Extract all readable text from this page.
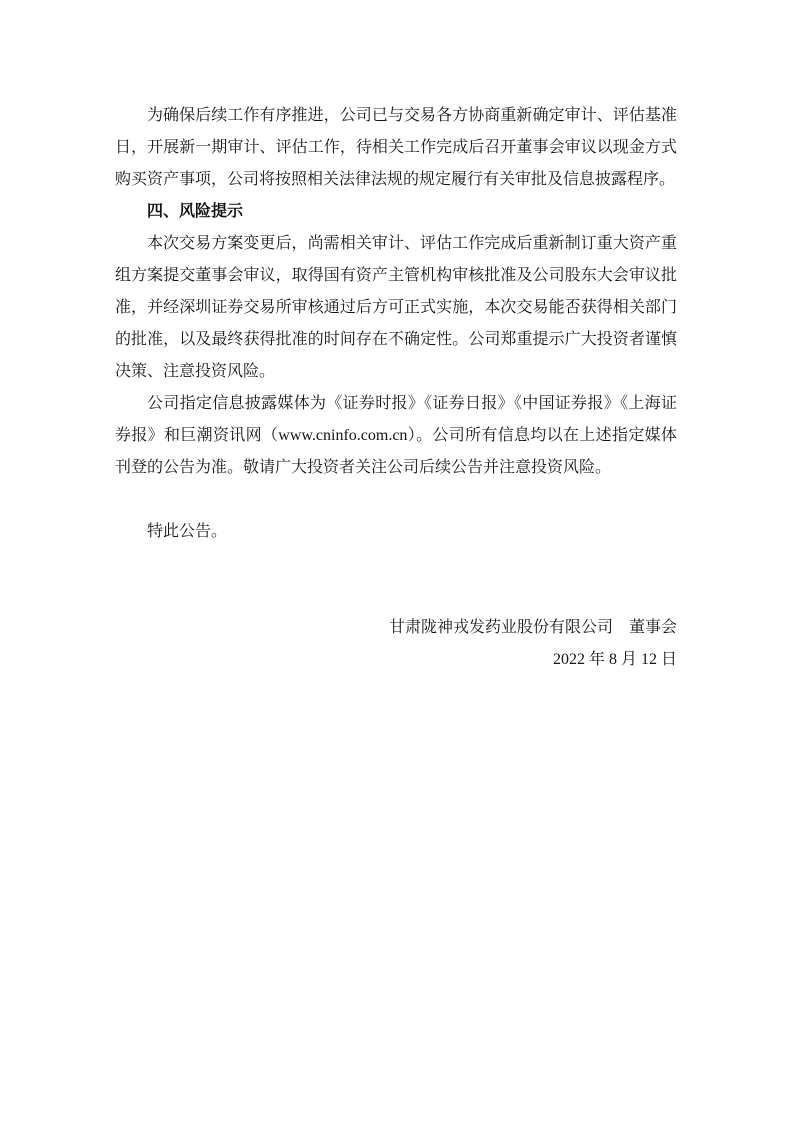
为确保后续工作有序推进，公司已与交易各方协商重新确定审计、评估基准日，开展新一期审计、评估工作，待相关工作完成后召开董事会审议以现金方式购买资产事项，公司将按照相关法律法规的规定履行有关审批及信息披露程序。

四、风险提示

本次交易方案变更后，尚需相关审计、评估工作完成后重新制订重大资产重组方案提交董事会审议，取得国有资产主管机构审核批准及公司股东大会审议批准，并经深圳证券交易所审核通过后方可正式实施，本次交易能否获得相关部门的批准，以及最终获得批准的时间存在不确定性。公司郑重提示广大投资者谨慎决策、注意投资风险。

公司指定信息披露媒体为《证券时报》《证券日报》《中国证券报》《上海证券报》和巨潮资讯网（www.cninfo.com.cn）。公司所有信息均以在上述指定媒体刊登的公告为准。敬请广大投资者关注公司后续公告并注意投资风险。

特此公告。

甘肃陇神戎发药业股份有限公司　董事会

2022 年 8 月 12 日
